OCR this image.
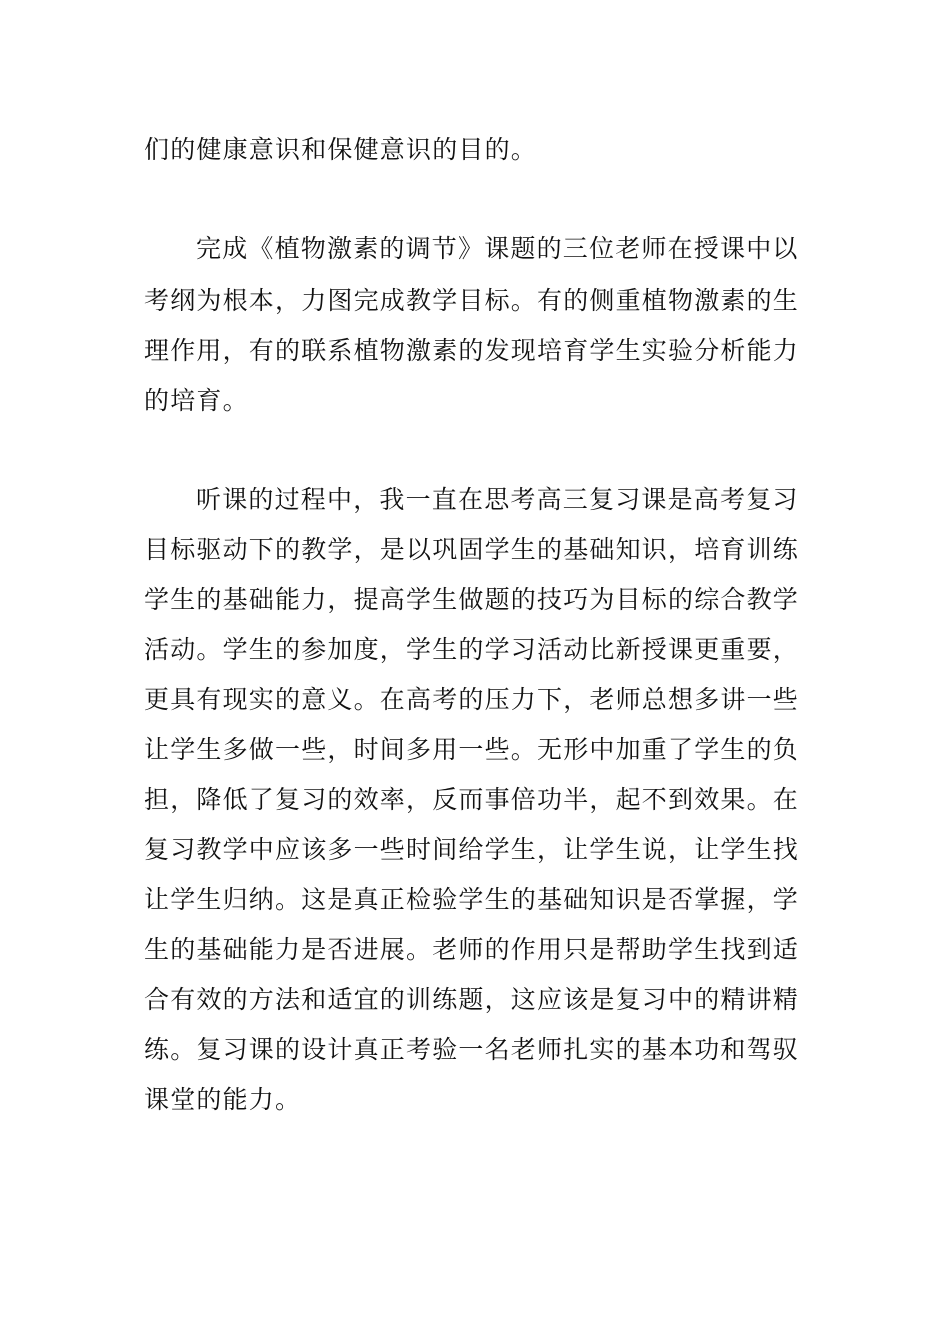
们的健康意识和保健意识的目的。
完成《植物激素的调节》课题的三位老师在授课中以
考纲为根本，力图完成教学目标。有的侧重植物激素的生
理作用，有的联系植物激素的发现培育学生实验分析能力
的培育。
听课的过程中，我一直在思考高三复习课是高考复习
目标驱动下的教学，是以巩固学生的基础知识，培育训练
学生的基础能力，提高学生做题的技巧为目标的综合教学
活动。学生的参加度，学生的学习活动比新授课更重要，
更具有现实的意义。在高考的压力下，老师总想多讲一些
让学生多做一些，时间多用一些。无形中加重了学生的负
担，降低了复习的效率，反而事倍功半，起不到效果。在
复习教学中应该多一些时间给学生，让学生说，让学生找
让学生归纳。这是真正检验学生的基础知识是否掌握，学
生的基础能力是否进展。老师的作用只是帮助学生找到适
合有效的方法和适宜的训练题，这应该是复习中的精讲精
练。复习课的设计真正考验一名老师扎实的基本功和驾驭
课堂的能力。
